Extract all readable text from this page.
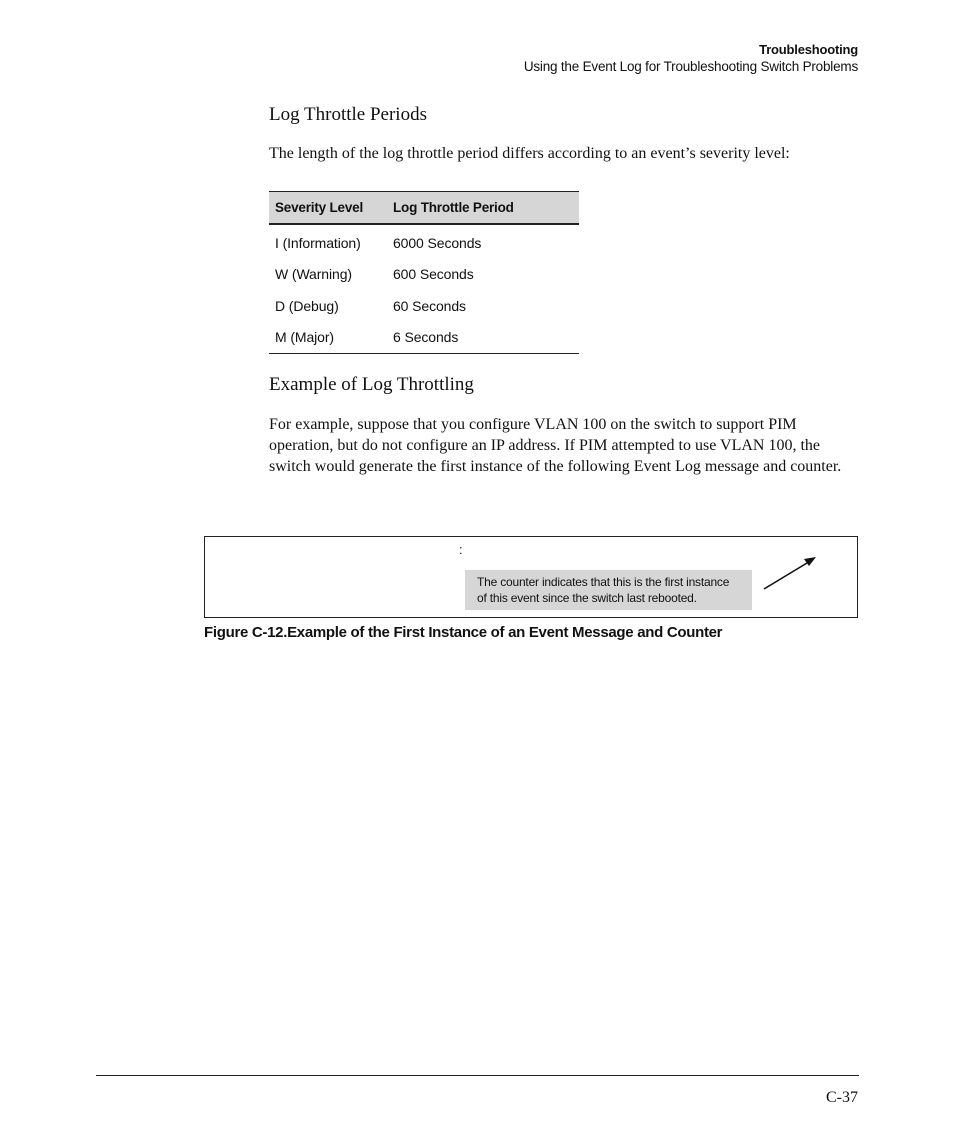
Troubleshooting
Using the Event Log for Troubleshooting Switch Problems
Log Throttle Periods
The length of the log throttle period differs according to an event’s severity level:
Severity Level	Log Throttle Period
I (Information)	6000 Seconds
W (Warning)	600 Seconds
D (Debug)	60 Seconds
M (Major)	6 Seconds
Example of Log Throttling
For example, suppose that you configure VLAN 100 on the switch to support PIM operation, but do not configure an IP address. If PIM attempted to use VLAN 100, the switch would generate the first instance of the following Event Log message and counter.
:
The counter indicates that this is the first instance
of this event since the switch last rebooted.
Figure C-12.Example of the First Instance of an Event Message and Counter
C-37
